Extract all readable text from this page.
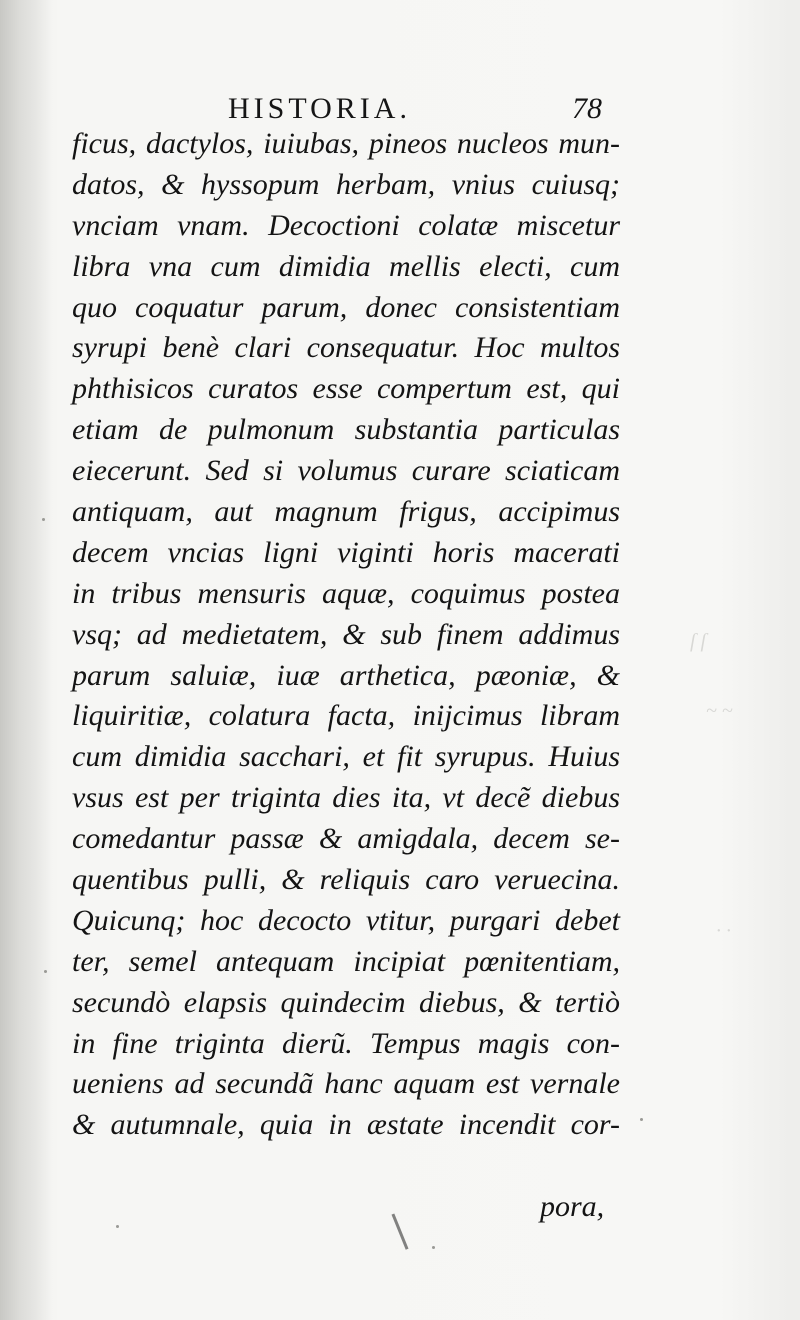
ſ ſ
~ ~
· ·
HISTORIA.	78
ficus, dactylos, iuiubas, pineos nucleos mun-
datos, & hyssopum herbam, vnius cuiusq;
vnciam vnam. Decoctioni colatæ miscetur
libra vna cum dimidia mellis electi, cum
quo coquatur parum, donec consistentiam
syrupi benè clari consequatur. Hoc multos
phthisicos curatos esse compertum est, qui
etiam de pulmonum substantia particulas
eiecerunt. Sed si volumus curare sciaticam
antiquam, aut magnum frigus, accipimus
decem vncias ligni viginti horis macerati
in tribus mensuris aquæ, coquimus postea
vsq; ad medietatem, & sub finem addimus
parum saluiæ, iuæ arthetica, pæoniæ, &
liquiritiæ, colatura facta, inijcimus libram
cum dimidia sacchari, et fit syrupus. Huius
vsus est per triginta dies ita, vt decẽ diebus
comedantur passæ & amigdala, decem se-
quentibus pulli, & reliquis caro veruecina.
Quicunq; hoc decocto vtitur, purgari debet
ter, semel antequam incipiat pœnitentiam,
secundò elapsis quindecim diebus, & tertiò
in fine triginta dierũ. Tempus magis con-
ueniens ad secundã hanc aquam est vernale
& autumnale, quia in æstate incendit cor-
pora,
